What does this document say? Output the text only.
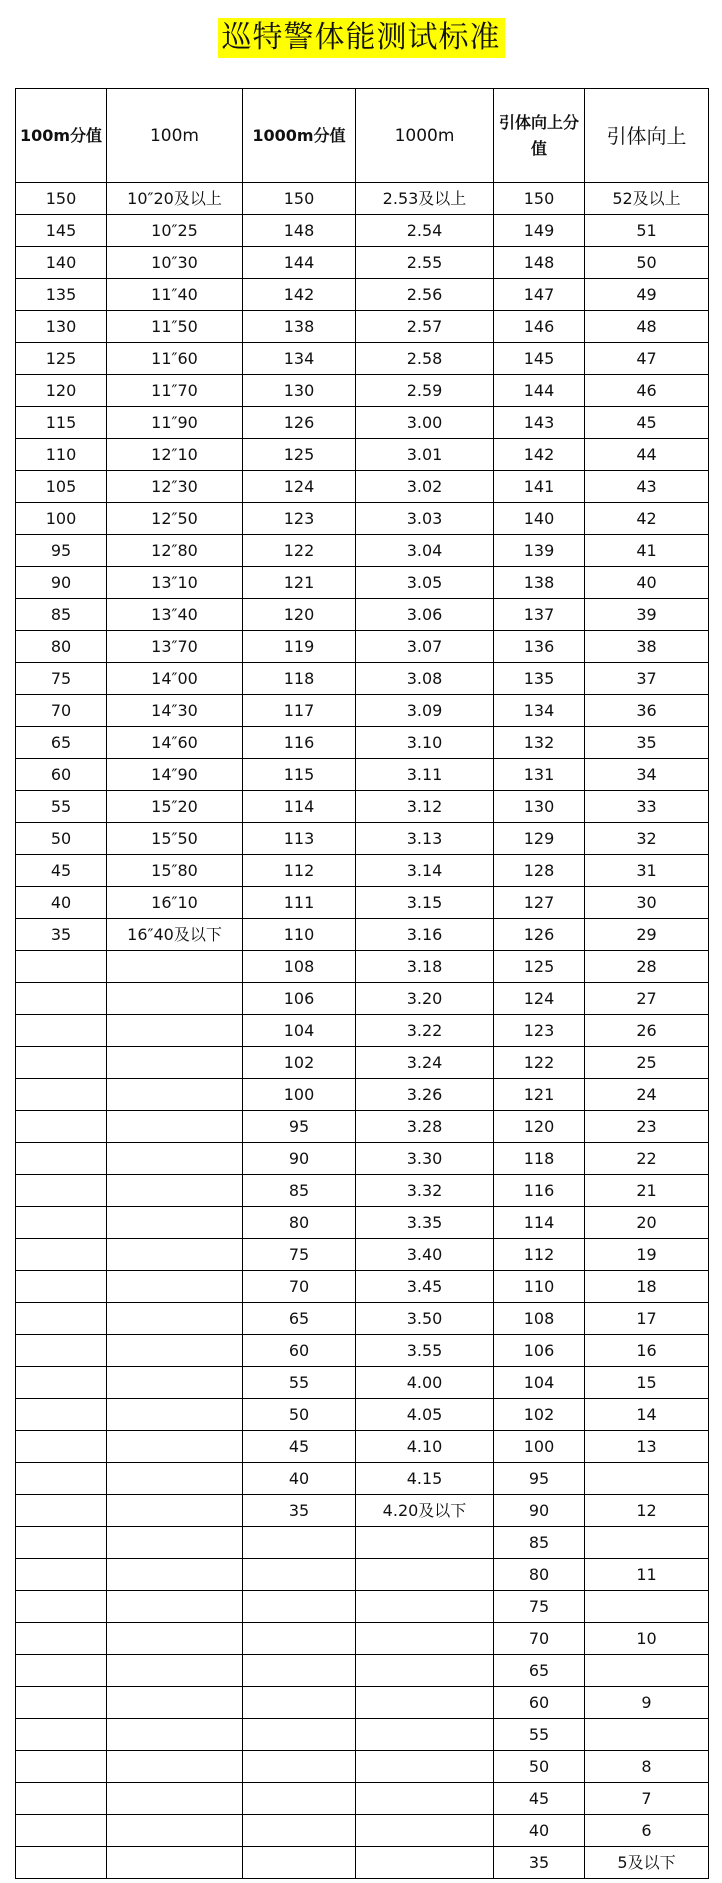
巡特警体能测试标准
100m分值	100m	1000m分值	1000m	引体向上分值	引体向上
150	10″20及以上	150	2.53及以上	150	52及以上
145	10″25	148	2.54	149	51
140	10″30	144	2.55	148	50
135	11″40	142	2.56	147	49
130	11″50	138	2.57	146	48
125	11″60	134	2.58	145	47
120	11″70	130	2.59	144	46
115	11″90	126	3.00	143	45
110	12″10	125	3.01	142	44
105	12″30	124	3.02	141	43
100	12″50	123	3.03	140	42
95	12″80	122	3.04	139	41
90	13″10	121	3.05	138	40
85	13″40	120	3.06	137	39
80	13″70	119	3.07	136	38
75	14″00	118	3.08	135	37
70	14″30	117	3.09	134	36
65	14″60	116	3.10	132	35
60	14″90	115	3.11	131	34
55	15″20	114	3.12	130	33
50	15″50	113	3.13	129	32
45	15″80	112	3.14	128	31
40	16″10	111	3.15	127	30
35	16″40及以下	110	3.16	126	29
		108	3.18	125	28
		106	3.20	124	27
		104	3.22	123	26
		102	3.24	122	25
		100	3.26	121	24
		95	3.28	120	23
		90	3.30	118	22
		85	3.32	116	21
		80	3.35	114	20
		75	3.40	112	19
		70	3.45	110	18
		65	3.50	108	17
		60	3.55	106	16
		55	4.00	104	15
		50	4.05	102	14
		45	4.10	100	13
		40	4.15	95	
		35	4.20及以下	90	12
				85	
				80	11
				75	
				70	10
				65	
				60	9
				55	
				50	8
				45	7
				40	6
				35	5及以下
